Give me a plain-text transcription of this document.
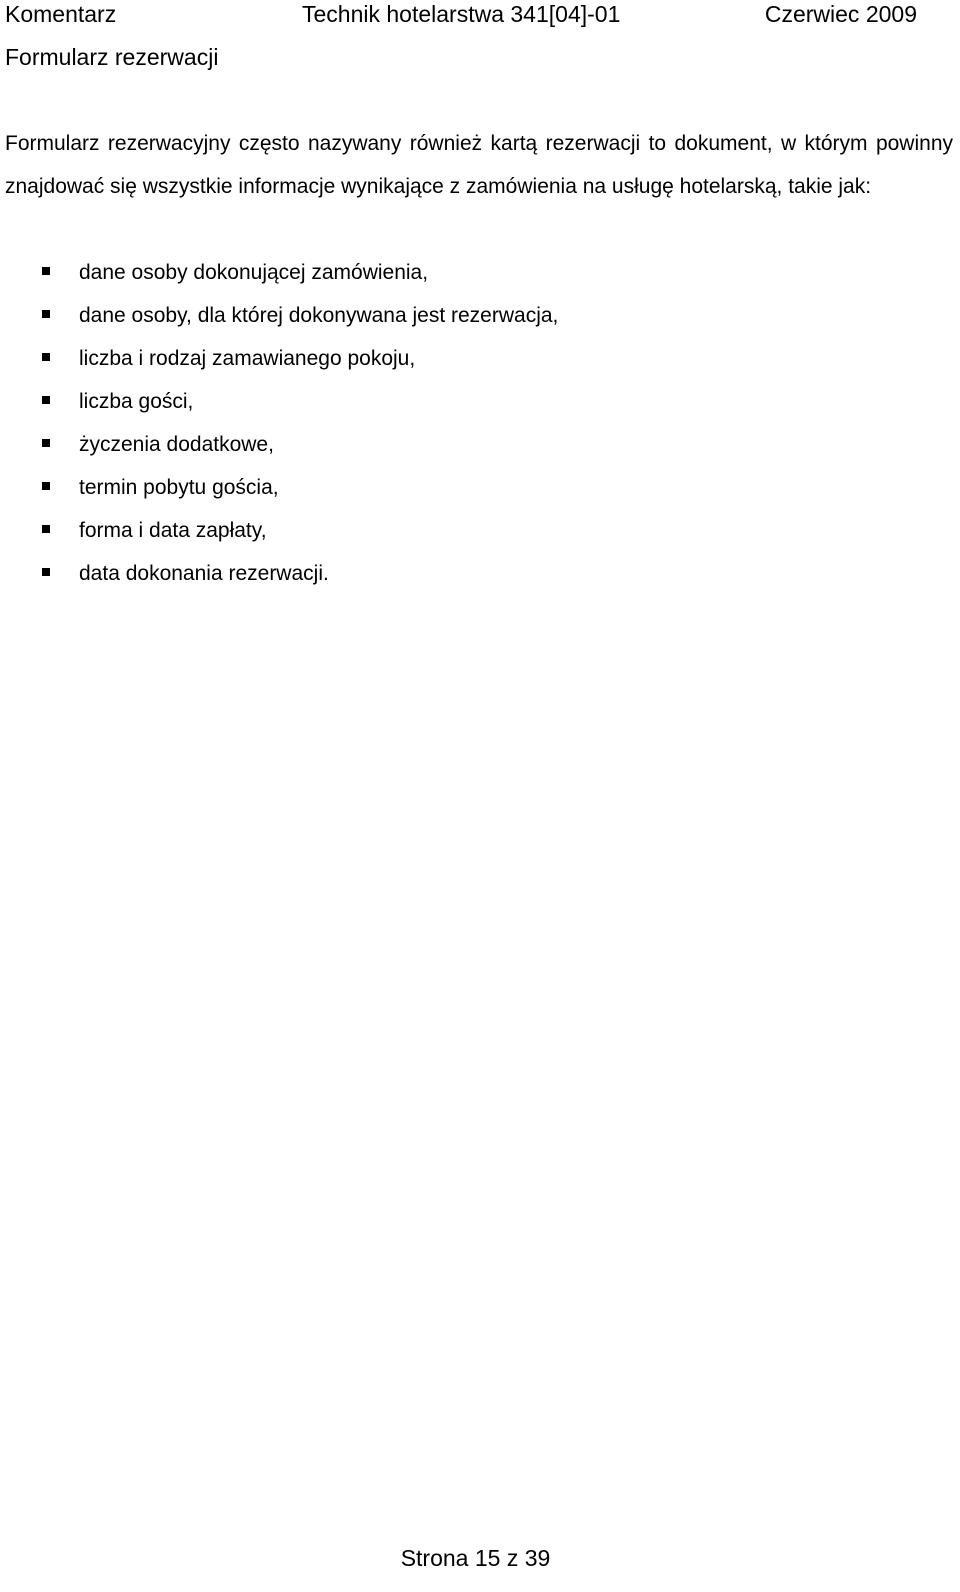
Komentarz	Technik hotelarstwa 341[04]-01	Czerwiec 2009
Formularz rezerwacji

Formularz rezerwacyjny często nazywany również kartą rezerwacji to dokument, w którym powinny znajdować się wszystkie informacje wynikające z zamówienia na usługę hotelarską, takie jak:

dane osoby dokonującej zamówienia,
dane osoby, dla której dokonywana jest rezerwacja,
liczba i rodzaj zamawianego pokoju,
liczba gości,
życzenia dodatkowe,
termin pobytu gościa,
forma i data zapłaty,
data dokonania rezerwacji.
Strona 15 z 39
